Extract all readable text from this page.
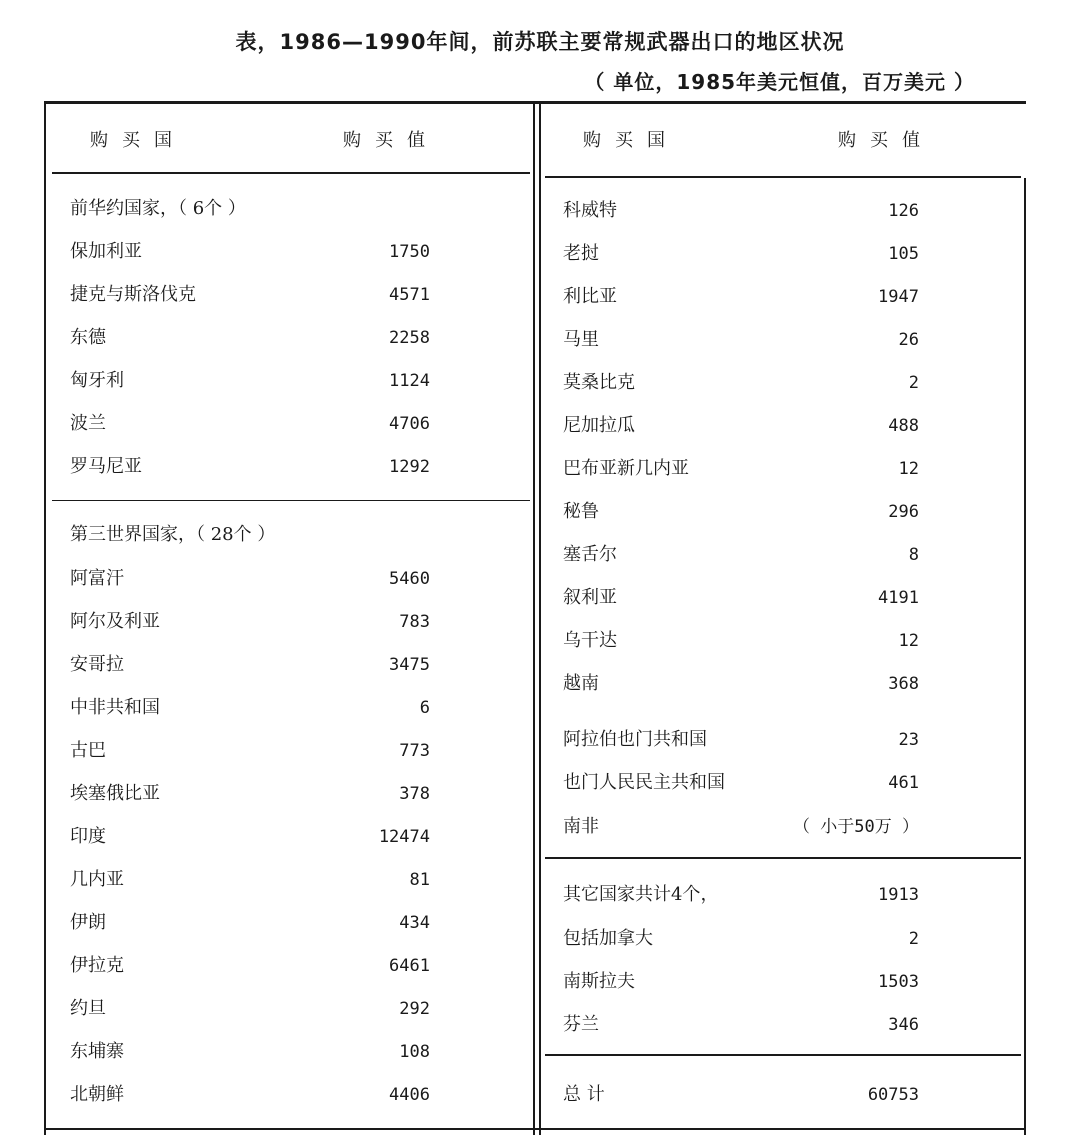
表，1986—1990年间，前苏联主要常规武器出口的地区状况
（ 单位，1985年美元恒值，百万美元 ）
购买国	购买值	购买国	购买值
前华约国家，（ 6个 ）
保加利亚	1750
捷克与斯洛伐克	4571
东德	2258
匈牙利	1124
波兰	4706
罗马尼亚	1292
第三世界国家，（ 28个 ）
阿富汗	5460
阿尔及利亚	783
安哥拉	3475
中非共和国	6
古巴	773
埃塞俄比亚	378
印度	12474
几内亚	81
伊朗	434
伊拉克	6461
约旦	292
东埔寨	108
北朝鲜	4406
科威特	126
老挝	105
利比亚	1947
马里	26
莫桑比克	2
尼加拉瓜	488
巴布亚新几内亚	12
秘鲁	296
塞舌尔	8
叙利亚	4191
乌干达	12
越南	368
阿拉伯也门共和国	23
也门人民民主共和国	461
南非	（ 小于50万 ）
其它国家共计4个，	1913
包括加拿大	2
南斯拉夫	1503
芬兰	346
总 计	60753
